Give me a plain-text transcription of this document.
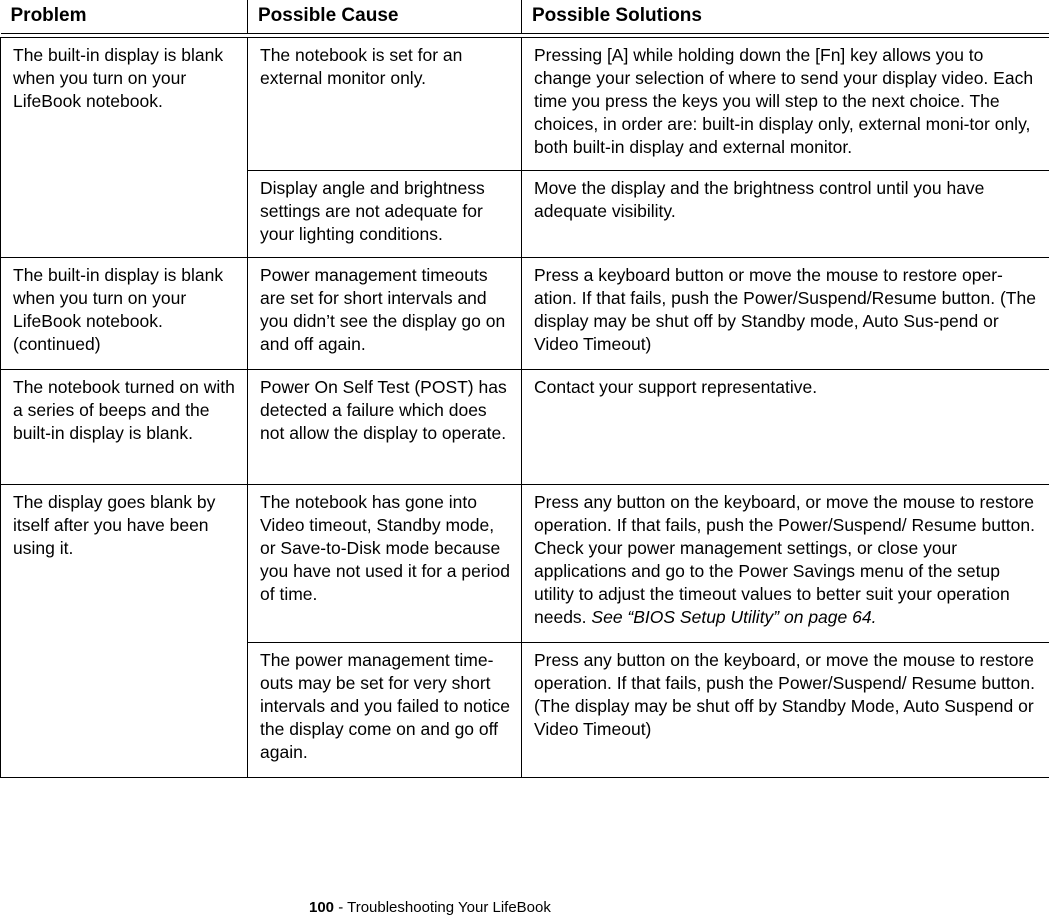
Problem	Possible Cause	Possible Solutions

The built-in display is blank when you turn on your LifeBook notebook.	The notebook is set for an external monitor only.	Pressing [A] while holding down the [Fn] key allows you to change your selection of where to send your display video. Each time you press the keys you will step to the next choice. The choices, in order are: built-in display only, external moni-tor only, both built-in display and external monitor.
	Display angle and brightness settings are not adequate for your lighting conditions.	Move the display and the brightness control until you have adequate visibility.
The built-in display is blank when you turn on your LifeBook notebook. (continued)	Power management timeouts are set for short intervals and you didn’t see the display go on and off again.	Press a keyboard button or move the mouse to restore oper-ation. If that fails, push the Power/Suspend/Resume button. (The display may be shut off by Standby mode, Auto Sus-pend or Video Timeout)
The notebook turned on with a series of beeps and the built-in display is blank.	Power On Self Test (POST) has detected a failure which does not allow the display to operate.	Contact your support representative.
The display goes blank by itself after you have been using it.	The notebook has gone into Video timeout, Standby mode, or Save-to-Disk mode because you have not used it for a period of time.	Press any button on the keyboard, or move the mouse to restore operation. If that fails, push the Power/Suspend/ Resume button. Check your power management settings, or close your applications and go to the Power Savings menu of the setup utility to adjust the timeout values to better suit your operation needs. See “BIOS Setup Utility” on page 64.
	The power management time-outs may be set for very short intervals and you failed to notice the display come on and go off again.	Press any button on the keyboard, or move the mouse to restore operation. If that fails, push the Power/Suspend/ Resume button. (The display may be shut off by Standby Mode, Auto Suspend or Video Timeout)
100 - Troubleshooting Your LifeBook
